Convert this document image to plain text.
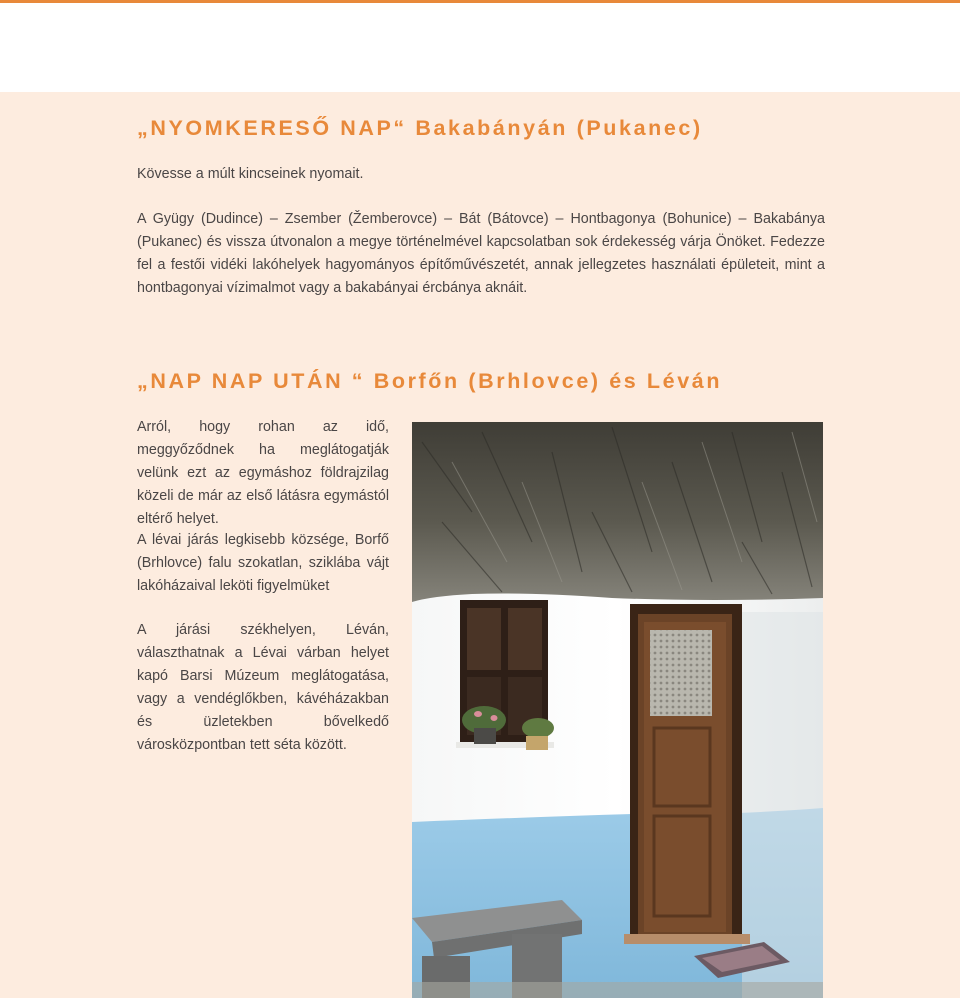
„NYOMKERESŐ NAP“ Bakabányán (Pukanec)

Kövesse a múlt kincseinek nyomait.

A Gyügy (Dudince) – Zsember (Žemberovce) – Bát (Bátovce) – Hontbagonya (Bohunice) – Bakabánya (Pukanec) és vissza útvonalon a megye történelmével kapcsolatban sok érdekesség várja Önöket. Fedezze fel a festői vidéki lakóhelyek hagyományos építőművészetét, annak jellegzetes használati épületeit, mint a hontbagonyai vízimalmot vagy a bakabányai ércbánya aknáit.

„NAP NAP UTÁN “ Borfőn (Brhlovce) és Léván

Arról, hogy rohan az idő, meggyőződnek ha meglátogatják velünk ezt az egymáshoz földrajzilag közeli de már az első látásra egymástól eltérő helyet.

A lévai járás legkisebb községe, Borfő (Brhlovce) falu szokatlan, sziklába vájt lakóházaival leköti figyelmüket

A járási székhelyen, Léván, választhatnak a Lévai várban helyet kapó Barsi Múzeum meglátogatása, vagy a vendéglőkben, kávéházakban és üzletekben bővelkedő városközpontban tett séta között.
